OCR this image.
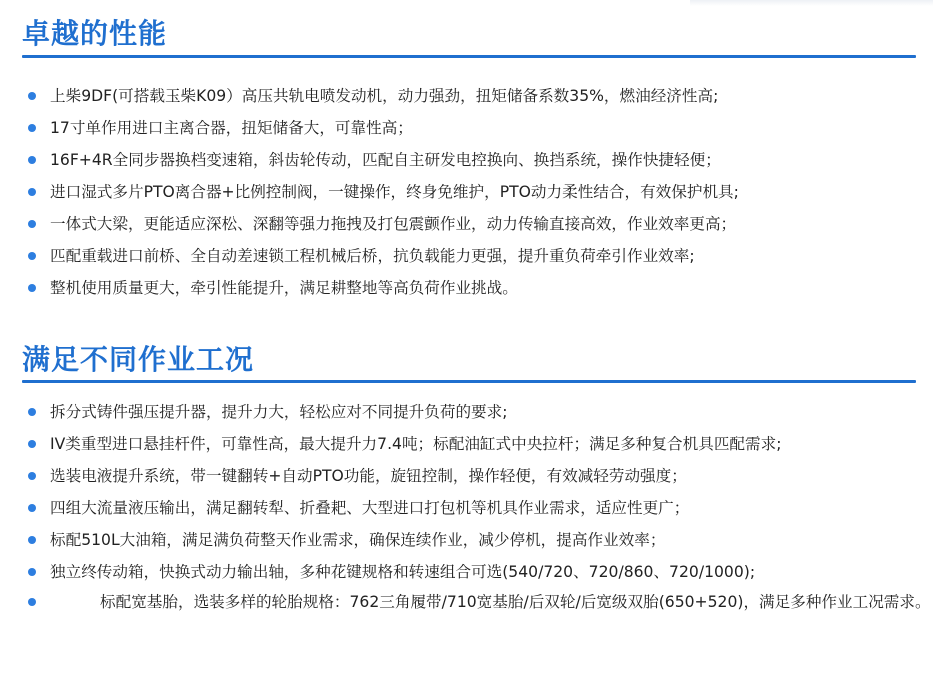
卓越的性能
上柴9DF(可搭载玉柴K09）高压共轨电喷发动机，动力强劲，扭矩储备系数35%，燃油经济性高;
17寸单作用进口主离合器，扭矩储备大，可靠性高；
16F+4R全同步器换档变速箱，斜齿轮传动，匹配自主研发电控换向、换挡系统，操作快捷轻便；
进口湿式多片PTO离合器+比例控制阀，一键操作，终身免维护，PTO动力柔性结合，有效保护机具;
一体式大梁，更能适应深松、深翻等强力拖拽及打包震颤作业，动力传输直接高效，作业效率更高；
匹配重载进口前桥、全自动差速锁工程机械后桥，抗负载能力更强，提升重负荷牵引作业效率;
整机使用质量更大，牵引性能提升，满足耕整地等高负荷作业挑战。
满足不同作业工况
拆分式铸件强压提升器，提升力大，轻松应对不同提升负荷的要求;
IV类重型进口悬挂杆件，可靠性高，最大提升力7.4吨；标配油缸式中央拉杆；满足多种复合机具匹配需求;
选装电液提升系统，带一键翻转+自动PTO功能，旋钮控制，操作轻便，有效减轻劳动强度；
四组大流量液压输出，满足翻转犁、折叠耙、大型进口打包机等机具作业需求，适应性更广；
标配510L大油箱，满足满负荷整天作业需求，确保连续作业，减少停机，提高作业效率；
独立终传动箱，快换式动力输出轴，多种花键规格和转速组合可选(540/720、720/860、720/1000);
标配宽基胎，选装多样的轮胎规格：762三角履带/710宽基胎/后双轮/后宽级双胎(650+520)，满足多种作业工况需求。
